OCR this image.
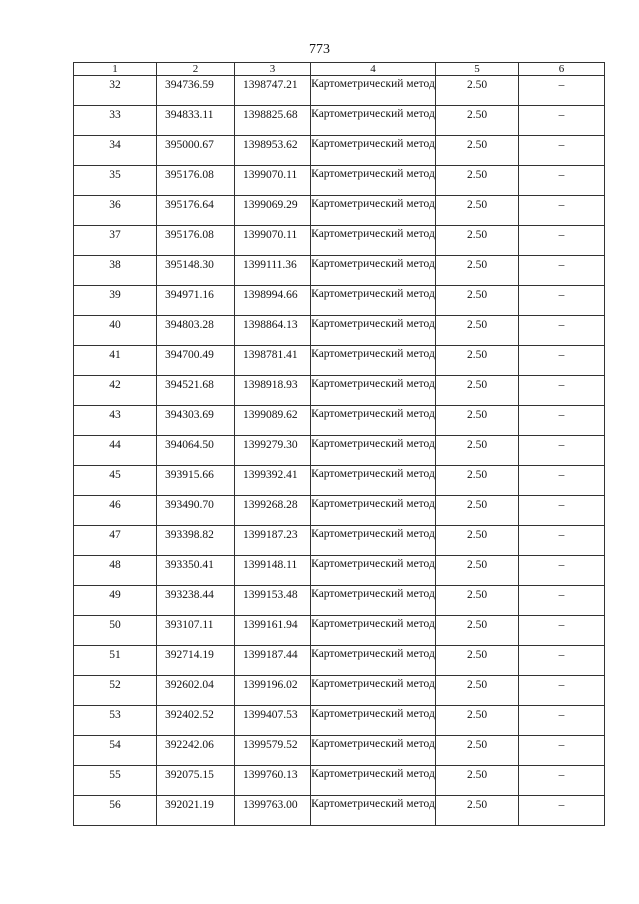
773
1	2	3	4	5	6

32	394736.59	1398747.21	Картометрический метод	2.50	–

33	394833.11	1398825.68	Картометрический метод	2.50	–

34	395000.67	1398953.62	Картометрический метод	2.50	–

35	395176.08	1399070.11	Картометрический метод	2.50	–

36	395176.64	1399069.29	Картометрический метод	2.50	–

37	395176.08	1399070.11	Картометрический метод	2.50	–

38	395148.30	1399111.36	Картометрический метод	2.50	–

39	394971.16	1398994.66	Картометрический метод	2.50	–

40	394803.28	1398864.13	Картометрический метод	2.50	–

41	394700.49	1398781.41	Картометрический метод	2.50	–

42	394521.68	1398918.93	Картометрический метод	2.50	–

43	394303.69	1399089.62	Картометрический метод	2.50	–

44	394064.50	1399279.30	Картометрический метод	2.50	–

45	393915.66	1399392.41	Картометрический метод	2.50	–

46	393490.70	1399268.28	Картометрический метод	2.50	–

47	393398.82	1399187.23	Картометрический метод	2.50	–

48	393350.41	1399148.11	Картометрический метод	2.50	–

49	393238.44	1399153.48	Картометрический метод	2.50	–

50	393107.11	1399161.94	Картометрический метод	2.50	–

51	392714.19	1399187.44	Картометрический метод	2.50	–

52	392602.04	1399196.02	Картометрический метод	2.50	–

53	392402.52	1399407.53	Картометрический метод	2.50	–

54	392242.06	1399579.52	Картометрический метод	2.50	–

55	392075.15	1399760.13	Картометрический метод	2.50	–

56	392021.19	1399763.00	Картометрический метод	2.50	–
